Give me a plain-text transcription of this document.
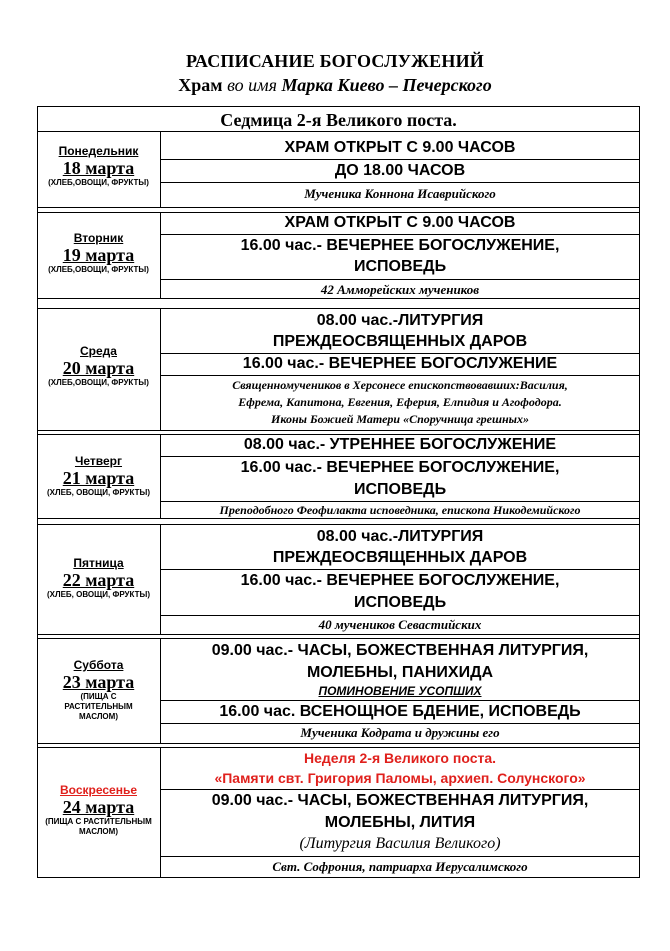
РАСПИСАНИЕ БОГОСЛУЖЕНИЙ
Храм во имя Марка Киево – Печерского
Седмица 2-я Великого поста.
Понедельник
18 марта
(ХЛЕБ,ОВОЩИ, ФРУКТЫ)
ХРАМ ОТКРЫТ С 9.00 ЧАСОВ
ДО 18.00 ЧАСОВ
Мученика Коннона Исаврийского
Вторник
19 марта
(ХЛЕБ,ОВОЩИ, ФРУКТЫ)
ХРАМ ОТКРЫТ С 9.00 ЧАСОВ
16.00 час.- ВЕЧЕРНЕЕ БОГОСЛУЖЕНИЕ,
ИСПОВЕДЬ
42 Амморейских мучеников
Среда
20 марта
(ХЛЕБ,ОВОЩИ, ФРУКТЫ)
08.00 час.-ЛИТУРГИЯ
ПРЕЖДЕОСВЯЩЕННЫХ ДАРОВ
16.00 час.- ВЕЧЕРНЕЕ БОГОСЛУЖЕНИЕ
Священномучеников в Херсонесе епископствовавших:Василия,
Ефрема, Капитона, Евгения, Еферия, Елпидия и Агофодора.
Иконы Божией Матери «Споручница грешных»
Четверг
21 марта
(ХЛЕБ, ОВОЩИ, ФРУКТЫ)
08.00 час.- УТРЕННЕЕ БОГОСЛУЖЕНИЕ
16.00 час.- ВЕЧЕРНЕЕ БОГОСЛУЖЕНИЕ,
ИСПОВЕДЬ
Преподобного Феофилакта исповедника, епископа Никодемийского
Пятница
22 марта
(ХЛЕБ, ОВОЩИ, ФРУКТЫ)
08.00 час.-ЛИТУРГИЯ
ПРЕЖДЕОСВЯЩЕННЫХ ДАРОВ
16.00 час.- ВЕЧЕРНЕЕ БОГОСЛУЖЕНИЕ,
ИСПОВЕДЬ
40 мучеников Севастийских
Суббота
23 марта
(ПИЩА С
РАСТИТЕЛЬНЫМ
МАСЛОМ)
09.00 час.- ЧАСЫ, БОЖЕСТВЕННАЯ ЛИТУРГИЯ,
МОЛЕБНЫ, ПАНИХИДА
ПОМИНОВЕНИЕ УСОПШИХ
16.00 час. ВСЕНОЩНОЕ БДЕНИЕ, ИСПОВЕДЬ
Мученика Кодрата и дружины его
Воскресенье
24 марта
(ПИЩА С РАСТИТЕЛЬНЫМ
МАСЛОМ)
Неделя 2-я Великого поста.
«Памяти свт. Григория Паломы, архиеп. Солунского»
09.00 час.- ЧАСЫ, БОЖЕСТВЕННАЯ ЛИТУРГИЯ,
МОЛЕБНЫ, ЛИТИЯ
(Литургия Василия Великого)
Свт. Софрония, патриарха Иерусалимского
